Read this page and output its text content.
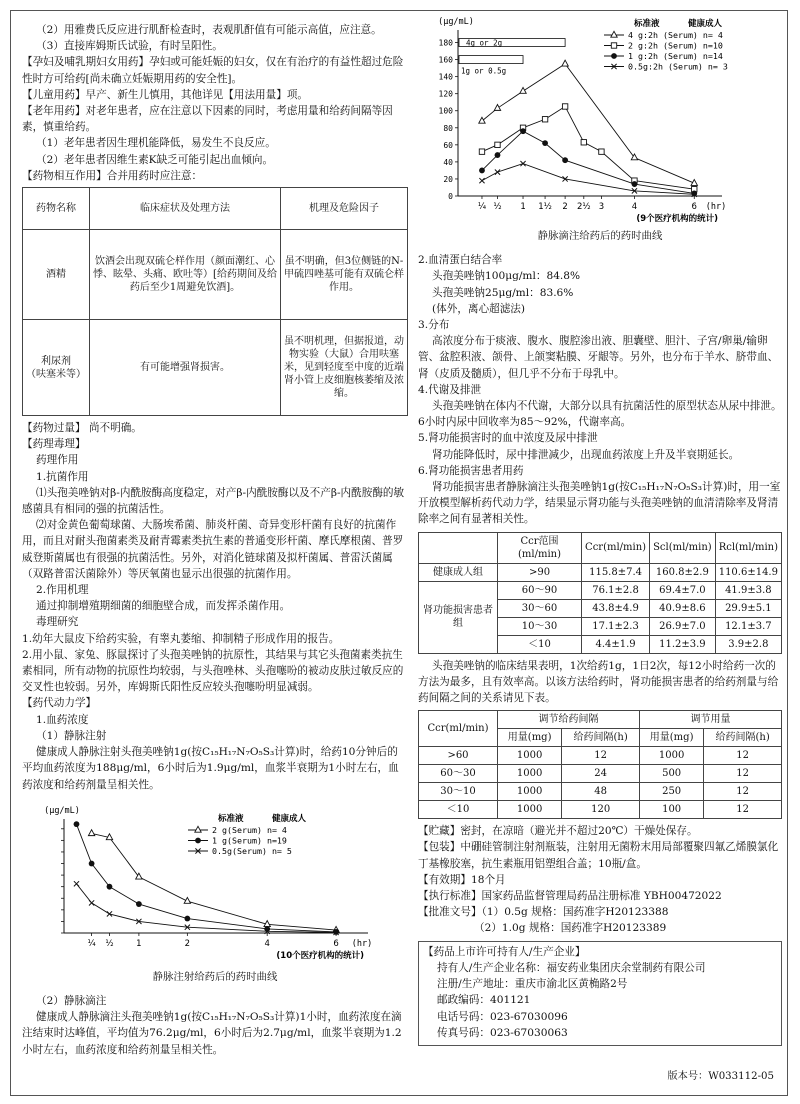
（2）用雅费氏反应进行肌酐检查时，表观肌酐值有可能示高值，应注意。

（3）直接库姆斯氏试验，有时呈阳性。

【孕妇及哺乳期妇女用药】孕妇或可能妊娠的妇女，仅在有治疗的有益性超过危险性时方可给药[尚未确立妊娠期用药的安全性]。

【儿童用药】早产、新生儿慎用，其他详见【用法用量】项。

【老年用药】对老年患者，应在注意以下因素的同时，考虑用量和给药间隔等因素，慎重给药。

（1）老年患者因生理机能降低，易发生不良反应。

（2）老年患者因维生素K缺乏可能引起出血倾向。

【药物相互作用】合并用药时应注意：

药物名称	临床症状及处理方法	机理及危险因子
酒精	饮酒会出现双硫仑样作用（颜面潮红、心悸、眩晕、头痛、欧吐等）[给药期间及给药后至少1周避免饮酒]。	虽不明确，但3位侧链的N-甲硫四唑基可能有双硫仑样作用。
利尿剂
（呋塞米等）	有可能增强肾损害。	虽不明机理，但据报道，动物实验（大鼠）合用呋塞米，见到轻度至中度的近端肾小管上皮细胞核萎缩及浓缩。

【药物过量】 尚不明确。

【药理毒理】

药理作用

1.抗菌作用

⑴头孢美唑钠对β-内酰胺酶高度稳定，对产β-内酰胺酶以及不产β-内酰胺酶的敏感菌具有相同的强的抗菌活性。

⑵对金黄色葡萄球菌、大肠埃希菌、肺炎杆菌、奇异变形杆菌有良好的抗菌作用，而且对耐头孢菌素类及耐青霉素类抗生素的普通变形杆菌、摩氏摩根菌、普罗威登斯菌属也有很强的抗菌活性。另外，对消化链球菌及拟杆菌属、普雷沃菌属（双路普雷沃菌除外）等厌氧菌也显示出很强的抗菌作用。

2.作用机理

通过抑制增殖期细菌的细胞壁合成，而发挥杀菌作用。

毒理研究

1.幼年大鼠皮下给药实验，有睾丸萎缩、抑制精子形成作用的报告。

2.用小鼠、家兔、豚鼠探讨了头孢美唑钠的抗原性，其结果与其它头孢菌素类抗生素相同，所有动物的抗原性均较弱，与头孢唑林、头孢噻吩的被动皮肤过敏反应的交叉性也较弱。另外，库姆斯氏阳性反应较头孢噻吩明显减弱。

【药代动力学】

1.血药浓度

（1）静脉注射

健康成人静脉注射头孢美唑钠1g(按C₁₅H₁₇N₇O₅S₃计算)时，给药10分钟后的平均血药浓度为188μg/ml，6小时后为1.9μg/ml，血浆半衰期为1小时左右，血药浓度和给药剂量呈相关性。

(μg/mL)
¼ ½	1	2	4	6 (hr)
(10个医疗机构的统计)
标准液	健康成人
2 g(Serum) n= 4
1 g(Serum) n=19
0.5g(Serum) n= 5
静脉注射给药后的药时曲线

（2）静脉滴注

健康成人静脉滴注头孢美唑钠1g(按C₁₅H₁₇N₇O₅S₃计算)1小时，血药浓度在滴注结束时达峰值，平均值为76.2μg/ml，6小时后为2.7μg/ml，血浆半衰期为1.2小时左右，血药浓度和给药剂量呈相关性。

(μg/mL)
0
20
40
60
80
100
120
140
160
180
¼ ½ 1 1½ 2 2½ 3	4	6 (hr)
(9个医疗机构的统计)
4g or 2g
1g or 0.5g
标准液	健康成人
4 g:2h (Serum) n= 4
2 g:2h (Serum) n=10
1 g:2h (Serum) n=14
0.5g:2h (Serum) n= 3
静脉滴注给药后的药时曲线

2.血清蛋白结合率

头孢美唑钠100μg/ml：84.8%

头孢美唑钠25μg/ml：83.6%

(体外，离心超滤法)

3.分布

高浓度分布于痰液、腹水、腹腔渗出液、胆囊壁、胆汁、子宫/卵巢/输卵管、盆腔积液、颌骨、上颌窦粘膜、牙龈等。另外，也分布于羊水、脐带血、肾（皮质及髓质），但几乎不分布于母乳中。

4.代谢及排泄

头孢美唑钠在体内不代谢，大部分以具有抗菌活性的原型状态从尿中排泄。6小时内尿中回收率为85～92%，代谢率高。

5.肾功能损害时的血中浓度及尿中排泄

肾功能降低时，尿中排泄减少，出现血药浓度上升及半衰期延长。

6.肾功能损害患者用药

肾功能损害患者静脉滴注头孢美唑钠1g(按C₁₅H₁₇N₇O₅S₃计算)时，用一室开放模型解析药代动力学，结果显示肾功能与头孢美唑钠的血清清除率及肾清除率之间有显著相关性。

	Ccr范围(ml/min)	Ccr(ml/min)	Scl(ml/min)	Rcl(ml/min)
健康成人组	>90	115.8±7.4	160.8±2.9	110.6±14.9
肾功能损害患者组	60～90	76.1±2.8	69.4±7.0	41.9±3.8
	30～60	43.8±4.9	40.9±8.6	29.9±5.1
	10～30	17.1±2.3	26.9±7.0	12.1±3.7
	＜10	4.4±1.9	11.2±3.9	3.9±2.8

头孢美唑钠的临床结果表明，1次给药1g，1日2次，每12小时给药一次的方法为最多，且有效率高。以该方法给药时，肾功能损害患者的给药剂量与给药间隔之间的关系请见下表。

Ccr(ml/min)	调节给药间隔		调节用量	
	用量(mg)	给药间隔(h)	用量(mg)	给药间隔(h)
>60	1000	12	1000	12
60～30	1000	24	500	12
30～10	1000	48	250	12
＜10	1000	120	100	12

【贮藏】密封，在凉暗（避光并不超过20℃）干燥处保存。

【包装】中硼硅管制注射剂瓶装，注射用无菌粉末用局部覆聚四氟乙烯膜氯化丁基橡胶塞，抗生素瓶用铝塑组合盖；10瓶/盒。

【有效期】18个月

【执行标准】国家药品监督管理局药品注册标准 YBH00472022

【批准文号】（1）0.5g 规格：国药准字H20123388

（2）1.0g 规格：国药准字H20123389

【药品上市许可持有人/生产企业】

持有人/生产企业名称：福安药业集团庆余堂制药有限公司

注册/生产地址：重庆市渝北区黄桷路2号

邮政编码：401121

电话号码：023-67030096

传真号码：023-67030063

版本号：W033112-05
